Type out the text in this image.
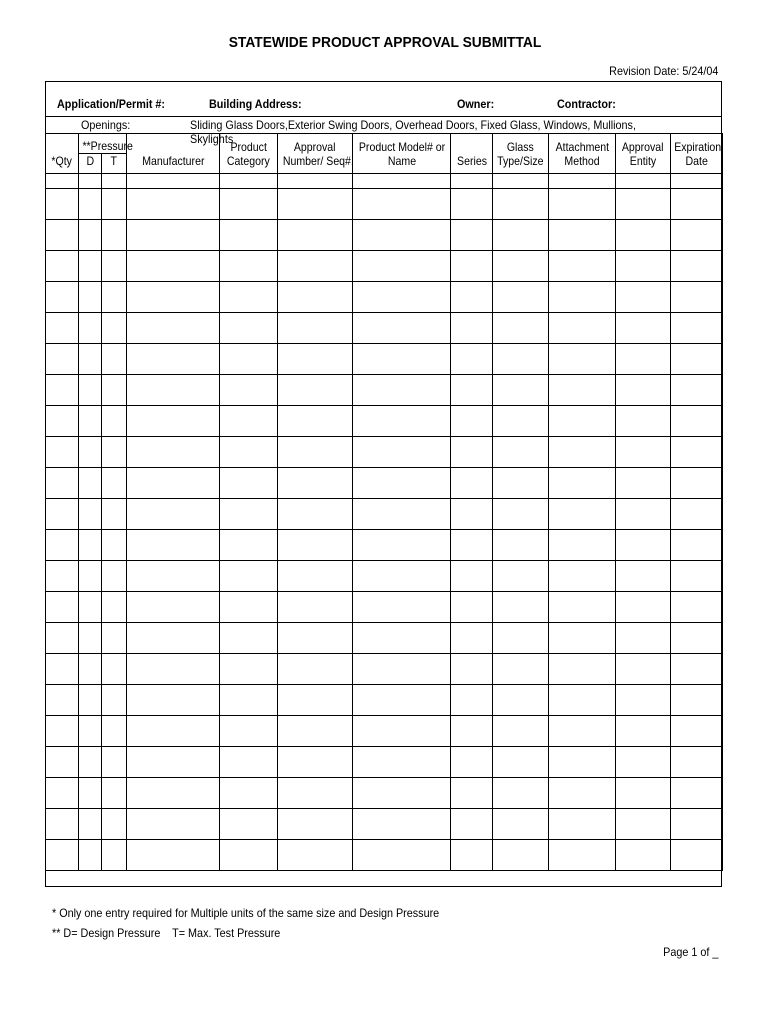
STATEWIDE PRODUCT APPROVAL SUBMITTAL
Revision Date: 5/24/04
Application/Permit #:	Building Address:	Owner:	Contractor:
Openings:	Sliding Glass Doors,Exterior Swing Doors, Overhead Doors, Fixed Glass, Windows, Mullions, Skylights
	**Pressure			Product	Approval	Product Model# or		Glass	Attachment	Approval	Expiration
*Qty	D	T	Manufacturer	Category	Number/ Seq#.	Name	Series	Type/Size	Method	Entity	Date

* Only one entry required for Multiple units of the same size and Design Pressure
** D= Design Pressure    T= Max. Test Pressure
Page 1 of _
